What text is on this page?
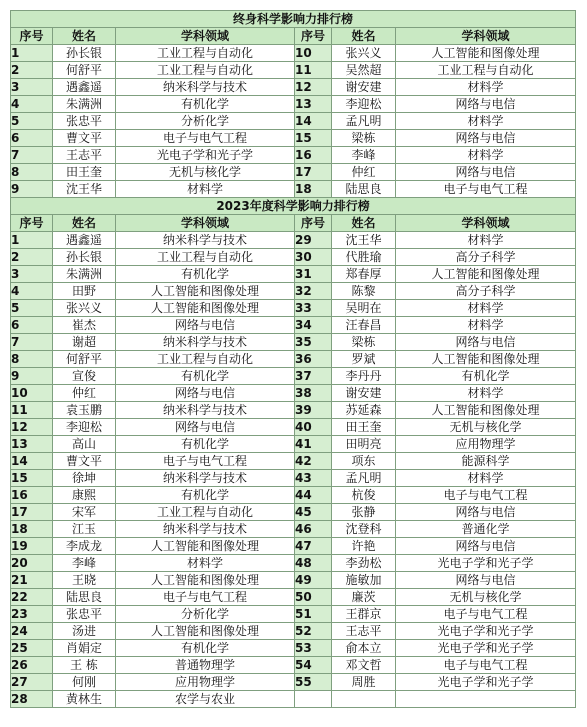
终身科学影响力排行榜					
序号	姓名	学科领域	序号	姓名	学科领域
1	孙长银	工业工程与自动化	10	张兴义	人工智能和图像处理
2	何舒平	工业工程与自动化	11	吴然超	工业工程与自动化
3	遇鑫遥	纳米科学与技术	12	谢安建	材料学
4	朱满洲	有机化学	13	李迎松	网络与电信
5	张忠平	分析化学	14	孟凡明	材料学
6	曹文平	电子与电气工程	15	梁栋	网络与电信
7	王志平	光电子学和光子学	16	李峰	材料学
8	田王奎	无机与核化学	17	仲红	网络与电信
9	沈王华	材料学	18	陆思良	电子与电气工程
2023年度科学影响力排行榜					
序号	姓名	学科领域	序号	姓名	学科领域
1	遇鑫遥	纳米科学与技术	29	沈王华	材料学
2	孙长银	工业工程与自动化	30	代胜瑜	高分子科学
3	朱满洲	有机化学	31	郑春厚	人工智能和图像处理
4	田野	人工智能和图像处理	32	陈黎	高分子科学
5	张兴义	人工智能和图像处理	33	吴明在	材料学
6	崔杰	网络与电信	34	汪春昌	材料学
7	谢超	纳米科学与技术	35	梁栋	网络与电信
8	何舒平	工业工程与自动化	36	罗斌	人工智能和图像处理
9	宣俊	有机化学	37	李丹丹	有机化学
10	仲红	网络与电信	38	谢安建	材料学
11	袁玉鹏	纳米科学与技术	39	苏延森	人工智能和图像处理
12	李迎松	网络与电信	40	田王奎	无机与核化学
13	高山	有机化学	41	田明亮	应用物理学
14	曹文平	电子与电气工程	42	项东	能源科学
15	徐坤	纳米科学与技术	43	孟凡明	材料学
16	康熙	有机化学	44	杭俊	电子与电气工程
17	宋军	工业工程与自动化	45	张静	网络与电信
18	江玉	纳米科学与技术	46	沈登科	普通化学
19	李成龙	人工智能和图像处理	47	许艳	网络与电信
20	李峰	材料学	48	李劲松	光电子学和光子学
21	王晓	人工智能和图像处理	49	施敏加	网络与电信
22	陆思良	电子与电气工程	50	廉茨	无机与核化学
23	张忠平	分析化学	51	王群京	电子与电气工程
24	汤进	人工智能和图像处理	52	王志平	光电子学和光子学
25	肖娟定	有机化学	53	俞本立	光电子学和光子学
26	王 栋	普通物理学	54	邓文哲	电子与电气工程
27	何刚	应用物理学	55	周胜	光电子学和光子学
28	黄林生	农学与农业			
